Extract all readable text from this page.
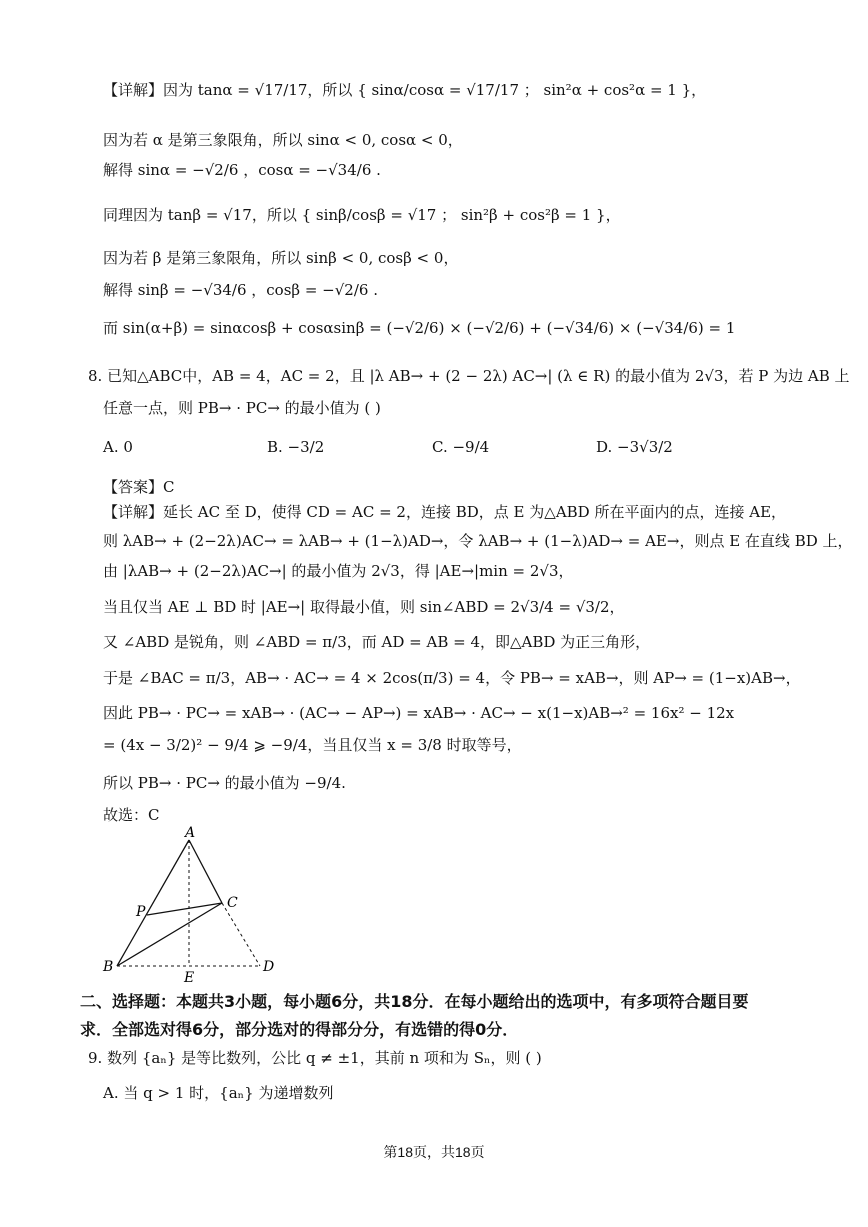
【详解】因为 tanα = √17/17，所以 { sinα/cosα = √17/17 ； sin²α + cos²α = 1 }，
因为若 α 是第三象限角，所以 sinα < 0, cosα < 0，
解得 sinα = −√2/6 ，cosα = −√34/6 .
同理因为 tanβ = √17，所以 { sinβ/cosβ = √17 ； sin²β + cos²β = 1 }，
因为若 β 是第三象限角，所以 sinβ < 0, cosβ < 0，
解得 sinβ = −√34/6 ，cosβ = −√2/6 .
而 sin(α+β) = sinαcosβ + cosαsinβ = (−√2/6) × (−√2/6) + (−√34/6) × (−√34/6) = 1
8. 已知△ABC中，AB = 4，AC = 2，且 |λ AB→ + (2 − 2λ) AC→| (λ ∈ R) 的最小值为 2√3，若 P 为边 AB 上
任意一点，则 PB→ · PC→ 的最小值为 ( )
A. 0	B. −3/2	C. −9/4	D. −3√3/2
【答案】C
【详解】延长 AC 至 D，使得 CD = AC = 2，连接 BD，点 E 为△ABD 所在平面内的点，连接 AE，
则 λAB→ + (2−2λ)AC→ = λAB→ + (1−λ)AD→，令 λAB→ + (1−λ)AD→ = AE→，则点 E 在直线 BD 上，
由 |λAB→ + (2−2λ)AC→| 的最小值为 2√3，得 |AE→|min = 2√3，
当且仅当 AE ⊥ BD 时 |AE→| 取得最小值，则 sin∠ABD = 2√3/4 = √3/2，
又 ∠ABD 是锐角，则 ∠ABD = π/3，而 AD = AB = 4，即△ABD 为正三角形，
于是 ∠BAC = π/3，AB→ · AC→ = 4 × 2cos(π/3) = 4，令 PB→ = xAB→，则 AP→ = (1−x)AB→，
因此 PB→ · PC→ = xAB→ · (AC→ − AP→) = xAB→ · AC→ − x(1−x)AB→² = 16x² − 12x
= (4x − 3/2)² − 9/4 ⩾ −9/4，当且仅当 x = 3/8 时取等号，
所以 PB→ · PC→ 的最小值为 −9/4.
故选：C
A
P
C
B
E
D
二、选择题：本题共3小题，每小题6分，共18分．在每小题给出的选项中，有多项符合题目要
求．全部选对得6分，部分选对的得部分分，有选错的得0分．
9. 数列 {aₙ} 是等比数列，公比 q ≠ ±1，其前 n 项和为 Sₙ，则 ( )
A. 当 q > 1 时，{aₙ} 为递增数列
第18页，共18页
